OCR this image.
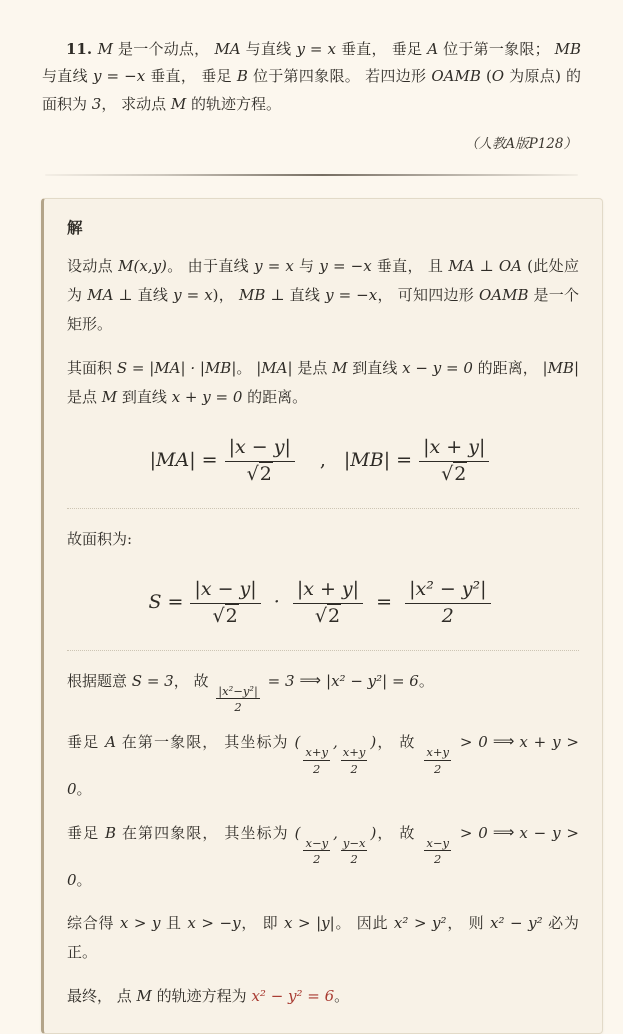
11. M 是一个动点， MA 与直线 y = x 垂直， 垂足 A 位于第一象限； MB 与直线 y = −x 垂直， 垂足 B 位于第四象限。 若四边形 OAMB (O 为原点) 的面积为 3， 求动点 M 的轨迹方程。

（人教A版P128）

解

设动点 M(x,y)。 由于直线 y = x 与 y = −x 垂直， 且 MA ⊥ OA (此处应为 MA ⊥ 直线 y = x)， MB ⊥ 直线 y = −x， 可知四边形 OAMB 是一个矩形。

其面积 S = |MA| · |MB|。 |MA| 是点 M 到直线 x − y = 0 的距离， |MB| 是点 M 到直线 x + y = 0 的距离。

$|MA| = \frac{|x - y|}{√2}$ , $|MB| = \frac{|x + y|}{√2}$

故面积为:

$S = \frac{|x - y|}{√2} \cdot \frac{|x + y|}{√2} = \frac{\text{|x² − y²|}}{2}$

根据题意 S = 3， 故
$\frac{\text{|x²−y²|}}{2}$
= 3 ⟹ |x² − y²| = 6。

垂足 A 在第一象限， 其坐标为 (
$\frac{x+y}{2}$
,
$\frac{x+y}{2}$
)， 故
$\frac{x+y}{2}$
> 0 ⟹ x + y > 0。

垂足 B 在第四象限， 其坐标为 (
$\frac{x-y}{2}$
,
$\frac{y-x}{2}$
)， 故
$\frac{x-y}{2}$
> 0 ⟹ x − y > 0。

综合得 x > y 且 x > −y， 即 x > |y|。 因此 x² > y²， 则 x² − y² 必为正。

最终， 点 M 的轨迹方程为 x² − y² = 6。
